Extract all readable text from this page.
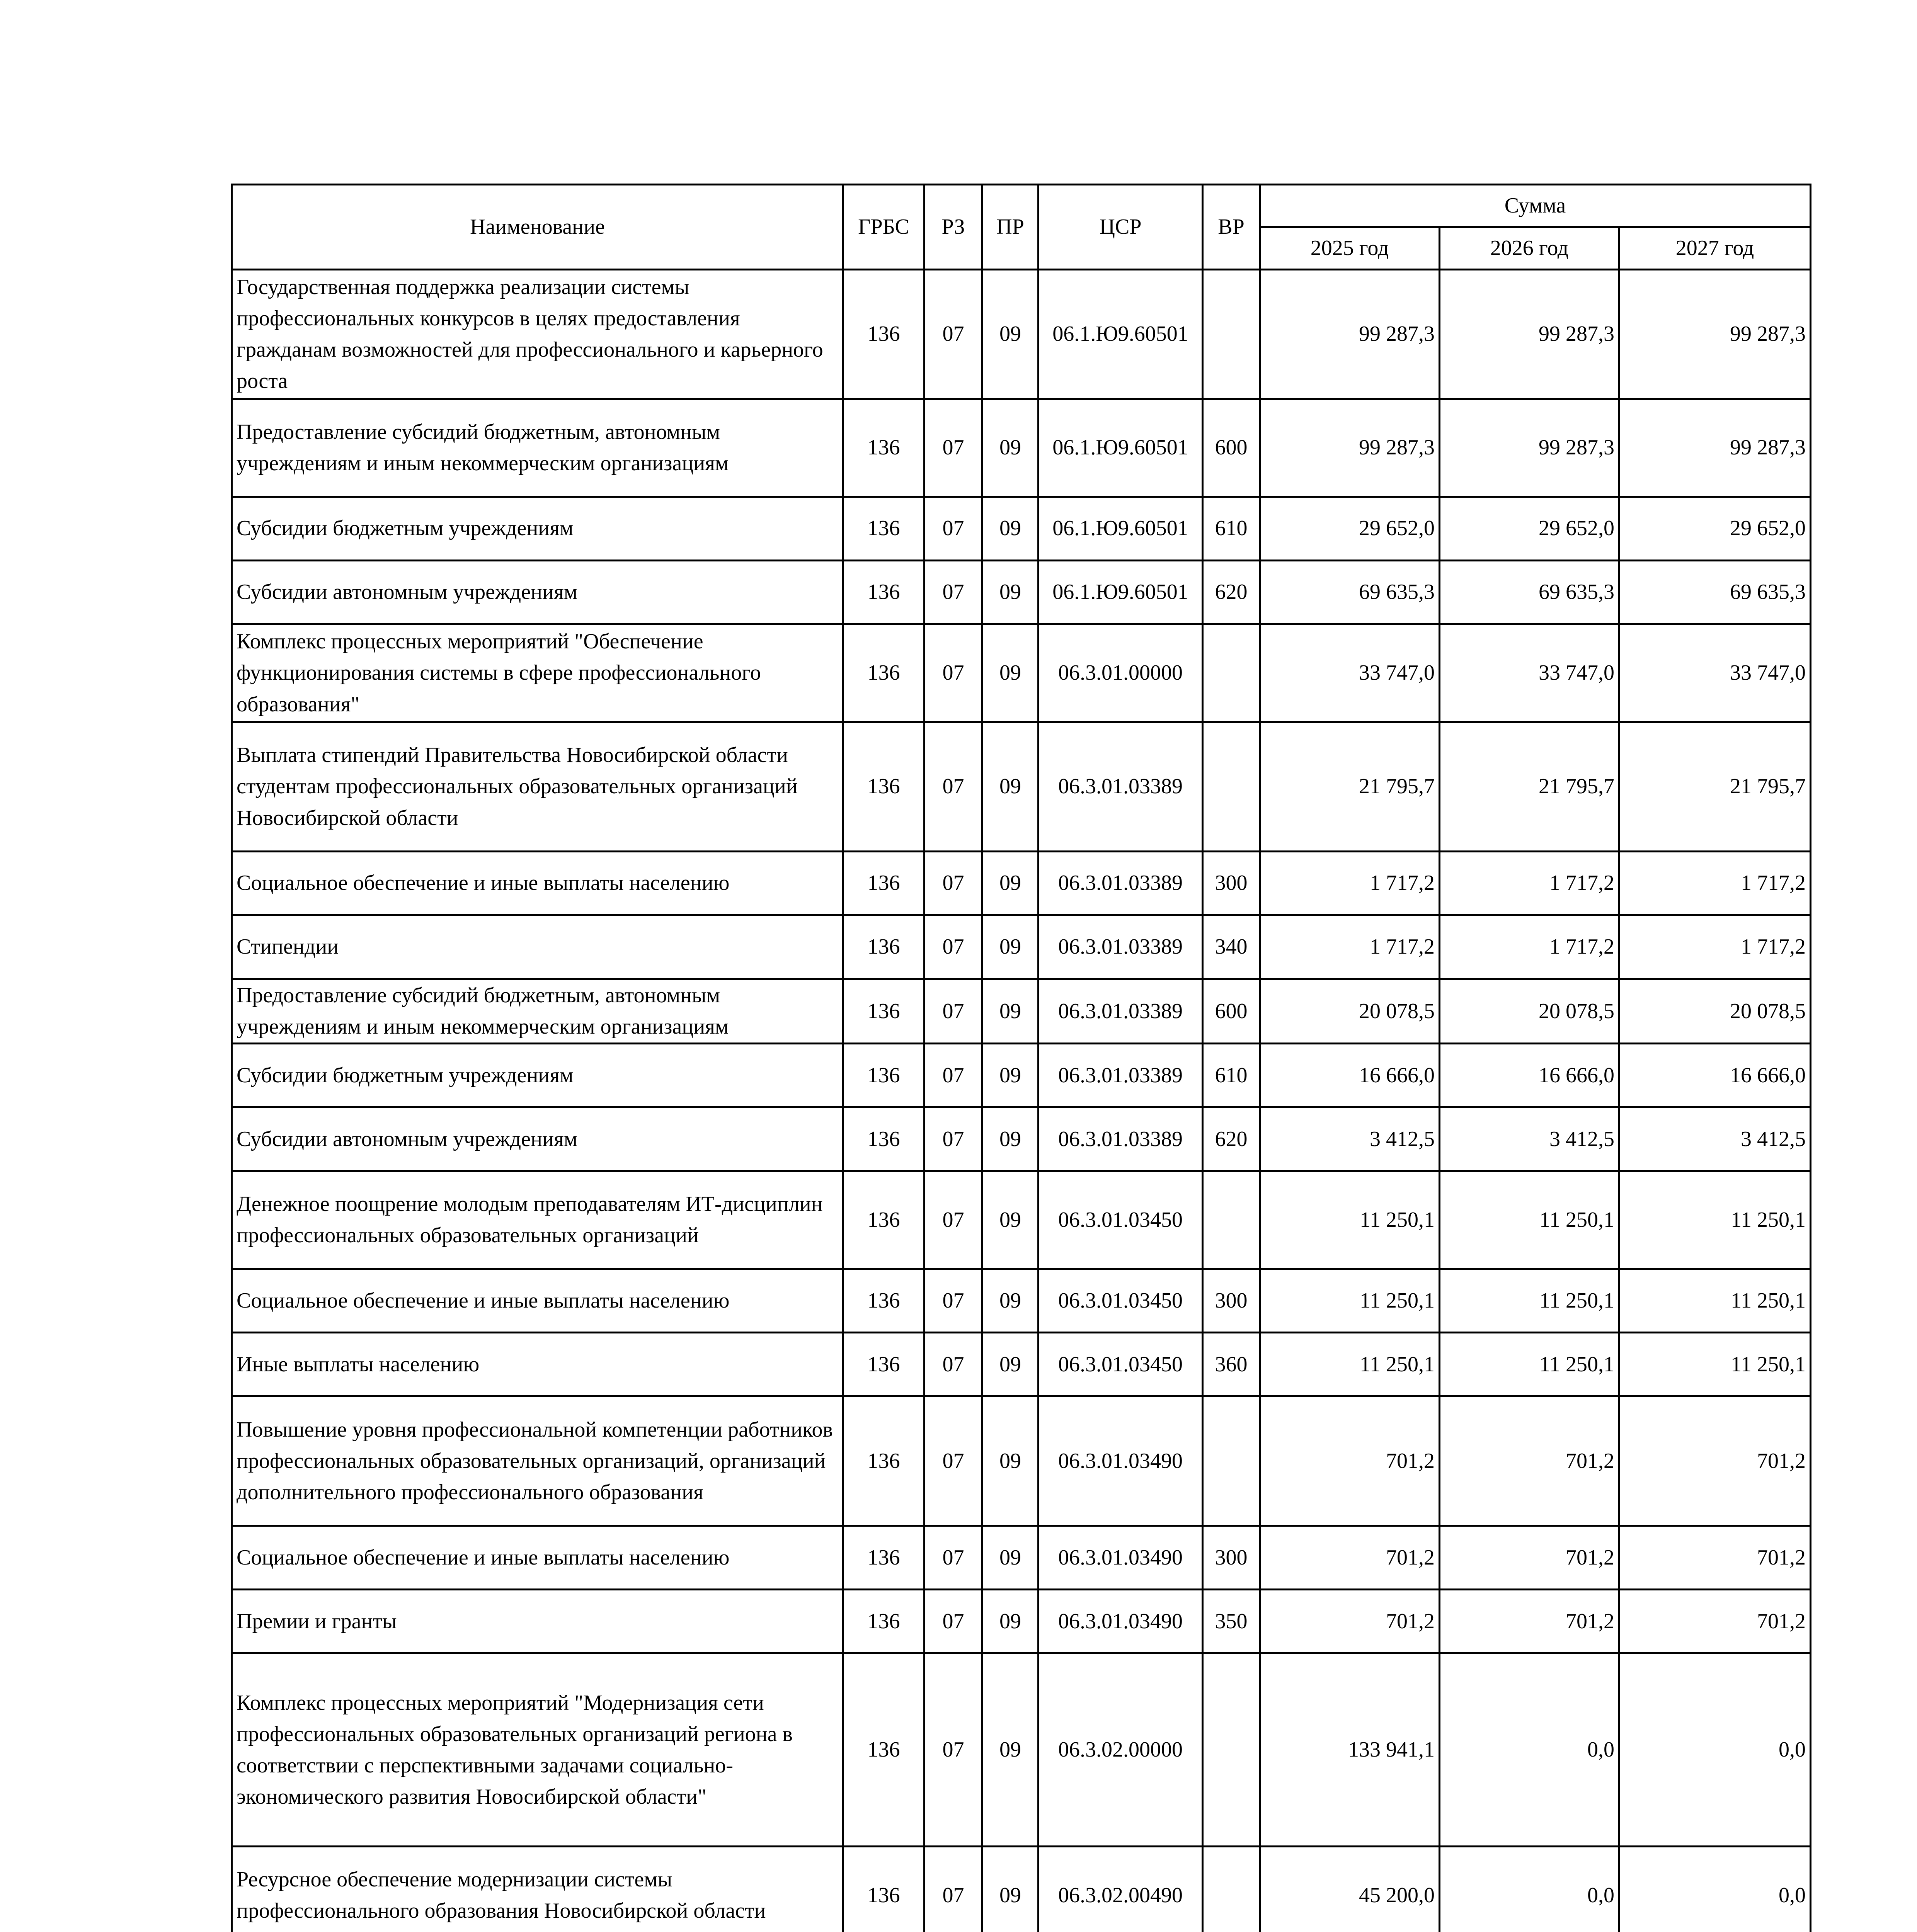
Наименование	ГРБС	РЗ	ПР	ЦСР	ВР	Сумма		
						2025 год	2026 год	2027 год
Государственная поддержка реализации системы профессиональных конкурсов в целях предоставления гражданам возможностей для профессионального и карьерного роста	136	07	09	06.1.Ю9.60501		99 287,3	99 287,3	99 287,3
Предоставление субсидий бюджетным, автономным учреждениям и иным некоммерческим организациям	136	07	09	06.1.Ю9.60501	600	99 287,3	99 287,3	99 287,3
Субсидии бюджетным учреждениям	136	07	09	06.1.Ю9.60501	610	29 652,0	29 652,0	29 652,0
Субсидии автономным учреждениям	136	07	09	06.1.Ю9.60501	620	69 635,3	69 635,3	69 635,3
Комплекс процессных мероприятий "Обеспечение функционирования системы в сфере профессионального образования"	136	07	09	06.3.01.00000		33 747,0	33 747,0	33 747,0
Выплата стипендий Правительства Новосибирской области студентам профессиональных образовательных организаций Новосибирской области	136	07	09	06.3.01.03389		21 795,7	21 795,7	21 795,7
Социальное обеспечение и иные выплаты населению	136	07	09	06.3.01.03389	300	1 717,2	1 717,2	1 717,2
Стипендии	136	07	09	06.3.01.03389	340	1 717,2	1 717,2	1 717,2
Предоставление субсидий бюджетным, автономным учреждениям и иным некоммерческим организациям	136	07	09	06.3.01.03389	600	20 078,5	20 078,5	20 078,5
Субсидии бюджетным учреждениям	136	07	09	06.3.01.03389	610	16 666,0	16 666,0	16 666,0
Субсидии автономным учреждениям	136	07	09	06.3.01.03389	620	3 412,5	3 412,5	3 412,5
Денежное поощрение молодым преподавателям ИТ-дисциплин профессиональных образовательных организаций	136	07	09	06.3.01.03450		11 250,1	11 250,1	11 250,1
Социальное обеспечение и иные выплаты населению	136	07	09	06.3.01.03450	300	11 250,1	11 250,1	11 250,1
Иные выплаты населению	136	07	09	06.3.01.03450	360	11 250,1	11 250,1	11 250,1
Повышение уровня профессиональной компетенции работников профессиональных образовательных организаций, организаций дополнительного профессионального образования	136	07	09	06.3.01.03490		701,2	701,2	701,2
Социальное обеспечение и иные выплаты населению	136	07	09	06.3.01.03490	300	701,2	701,2	701,2
Премии и гранты	136	07	09	06.3.01.03490	350	701,2	701,2	701,2
Комплекс процессных мероприятий "Модернизация сети профессиональных образовательных организаций региона в соответствии с перспективными задачами социально-экономического развития Новосибирской области"	136	07	09	06.3.02.00000		133 941,1	0,0	0,0
Ресурсное обеспечение модернизации системы профессионального образования Новосибирской области	136	07	09	06.3.02.00490		45 200,0	0,0	0,0
